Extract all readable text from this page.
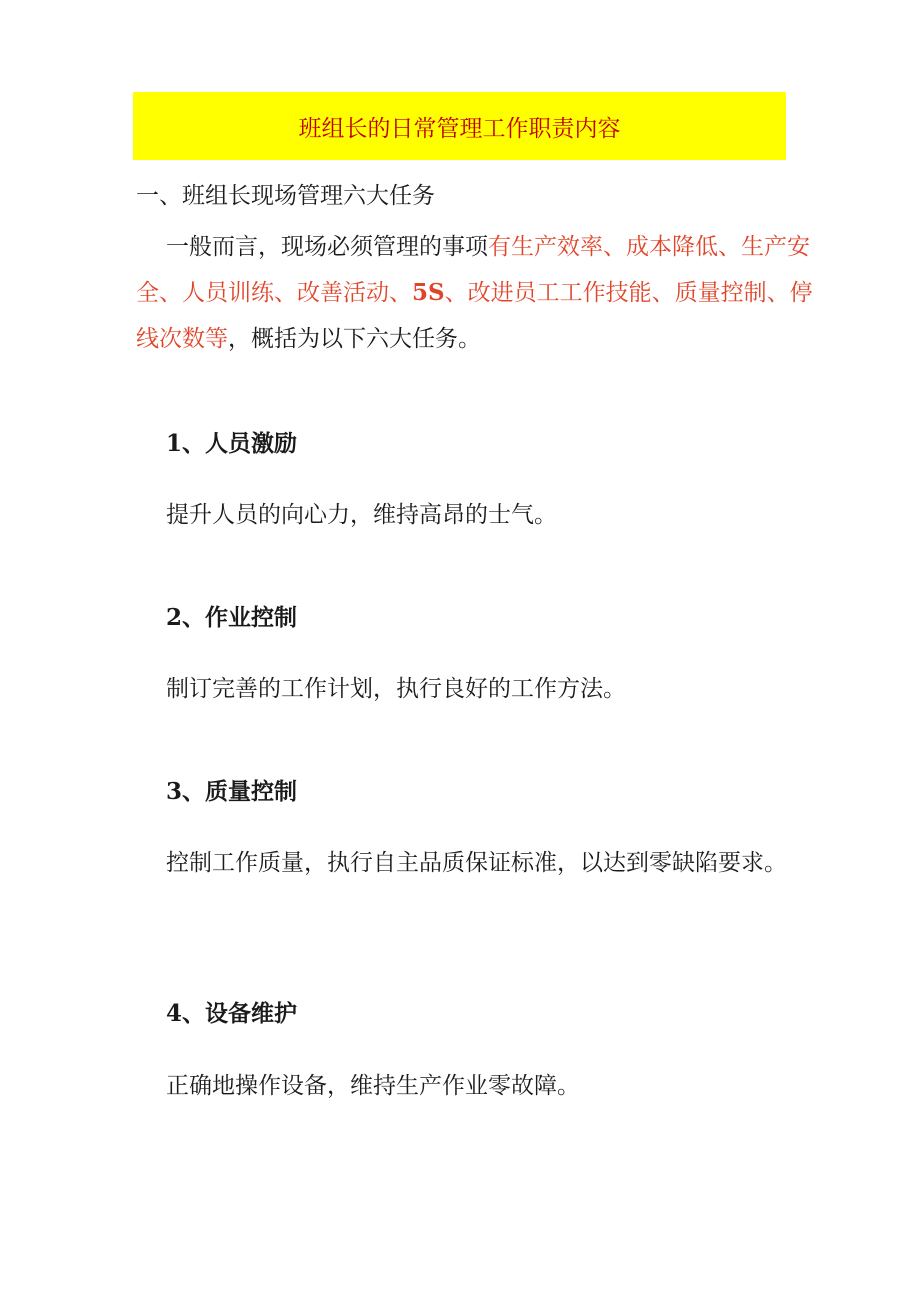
班组长的日常管理工作职责内容
一、班组长现场管理六大任务
一般而言，现场必须管理的事项有生产效率、成本降低、生产安全、人员训练、改善活动、5S、改进员工工作技能、质量控制、停线次数等，概括为以下六大任务。
1、人员激励
提升人员的向心力，维持高昂的士气。
2、作业控制
制订完善的工作计划，执行良好的工作方法。
3、质量控制
控制工作质量，执行自主品质保证标准，以达到零缺陷要求。
4、设备维护
正确地操作设备，维持生产作业零故障。
